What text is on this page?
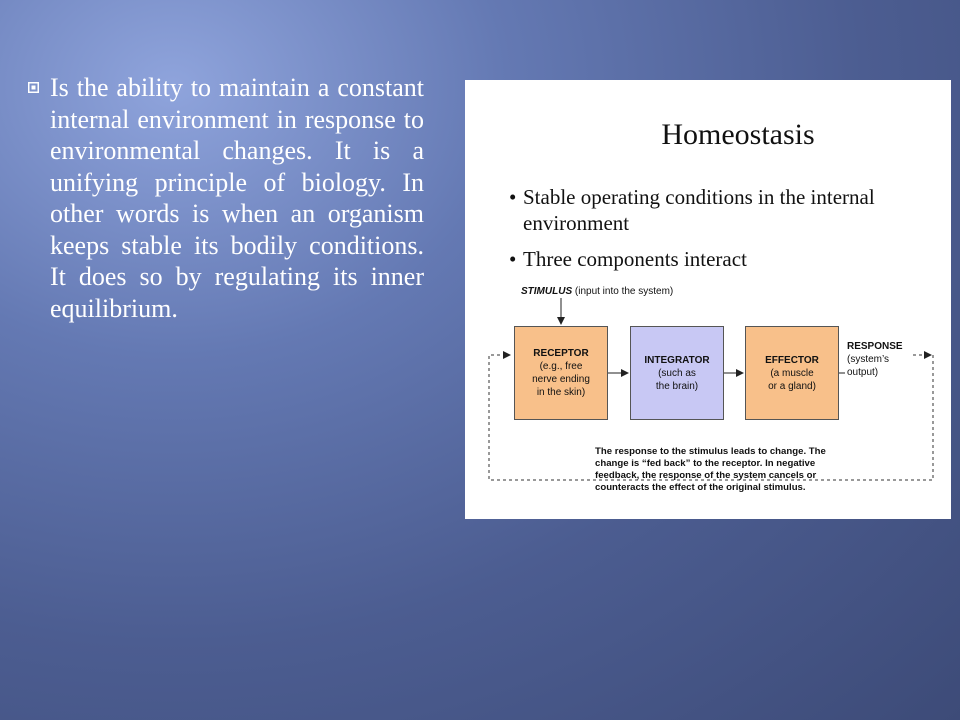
Is the ability to maintain a constant internal environment in response to environmental changes. It is a unifying principle of biology. In other words is when an organism keeps stable its bodily conditions. It does so by regulating its inner equilibrium.

Homeostasis
• Stable operating conditions in the internal environment
• Three components interact
STIMULUS (input into the system)
RECEPTOR
(e.g., free
nerve ending
in the skin)
INTEGRATOR
(such as
the brain)
EFFECTOR
(a muscle
or a gland)
RESPONSE
(system’s
output)
The response to the stimulus leads to change. The change is “fed back” to the receptor. In negative feedback, the response of the system cancels or counteracts the effect of the original stimulus.
